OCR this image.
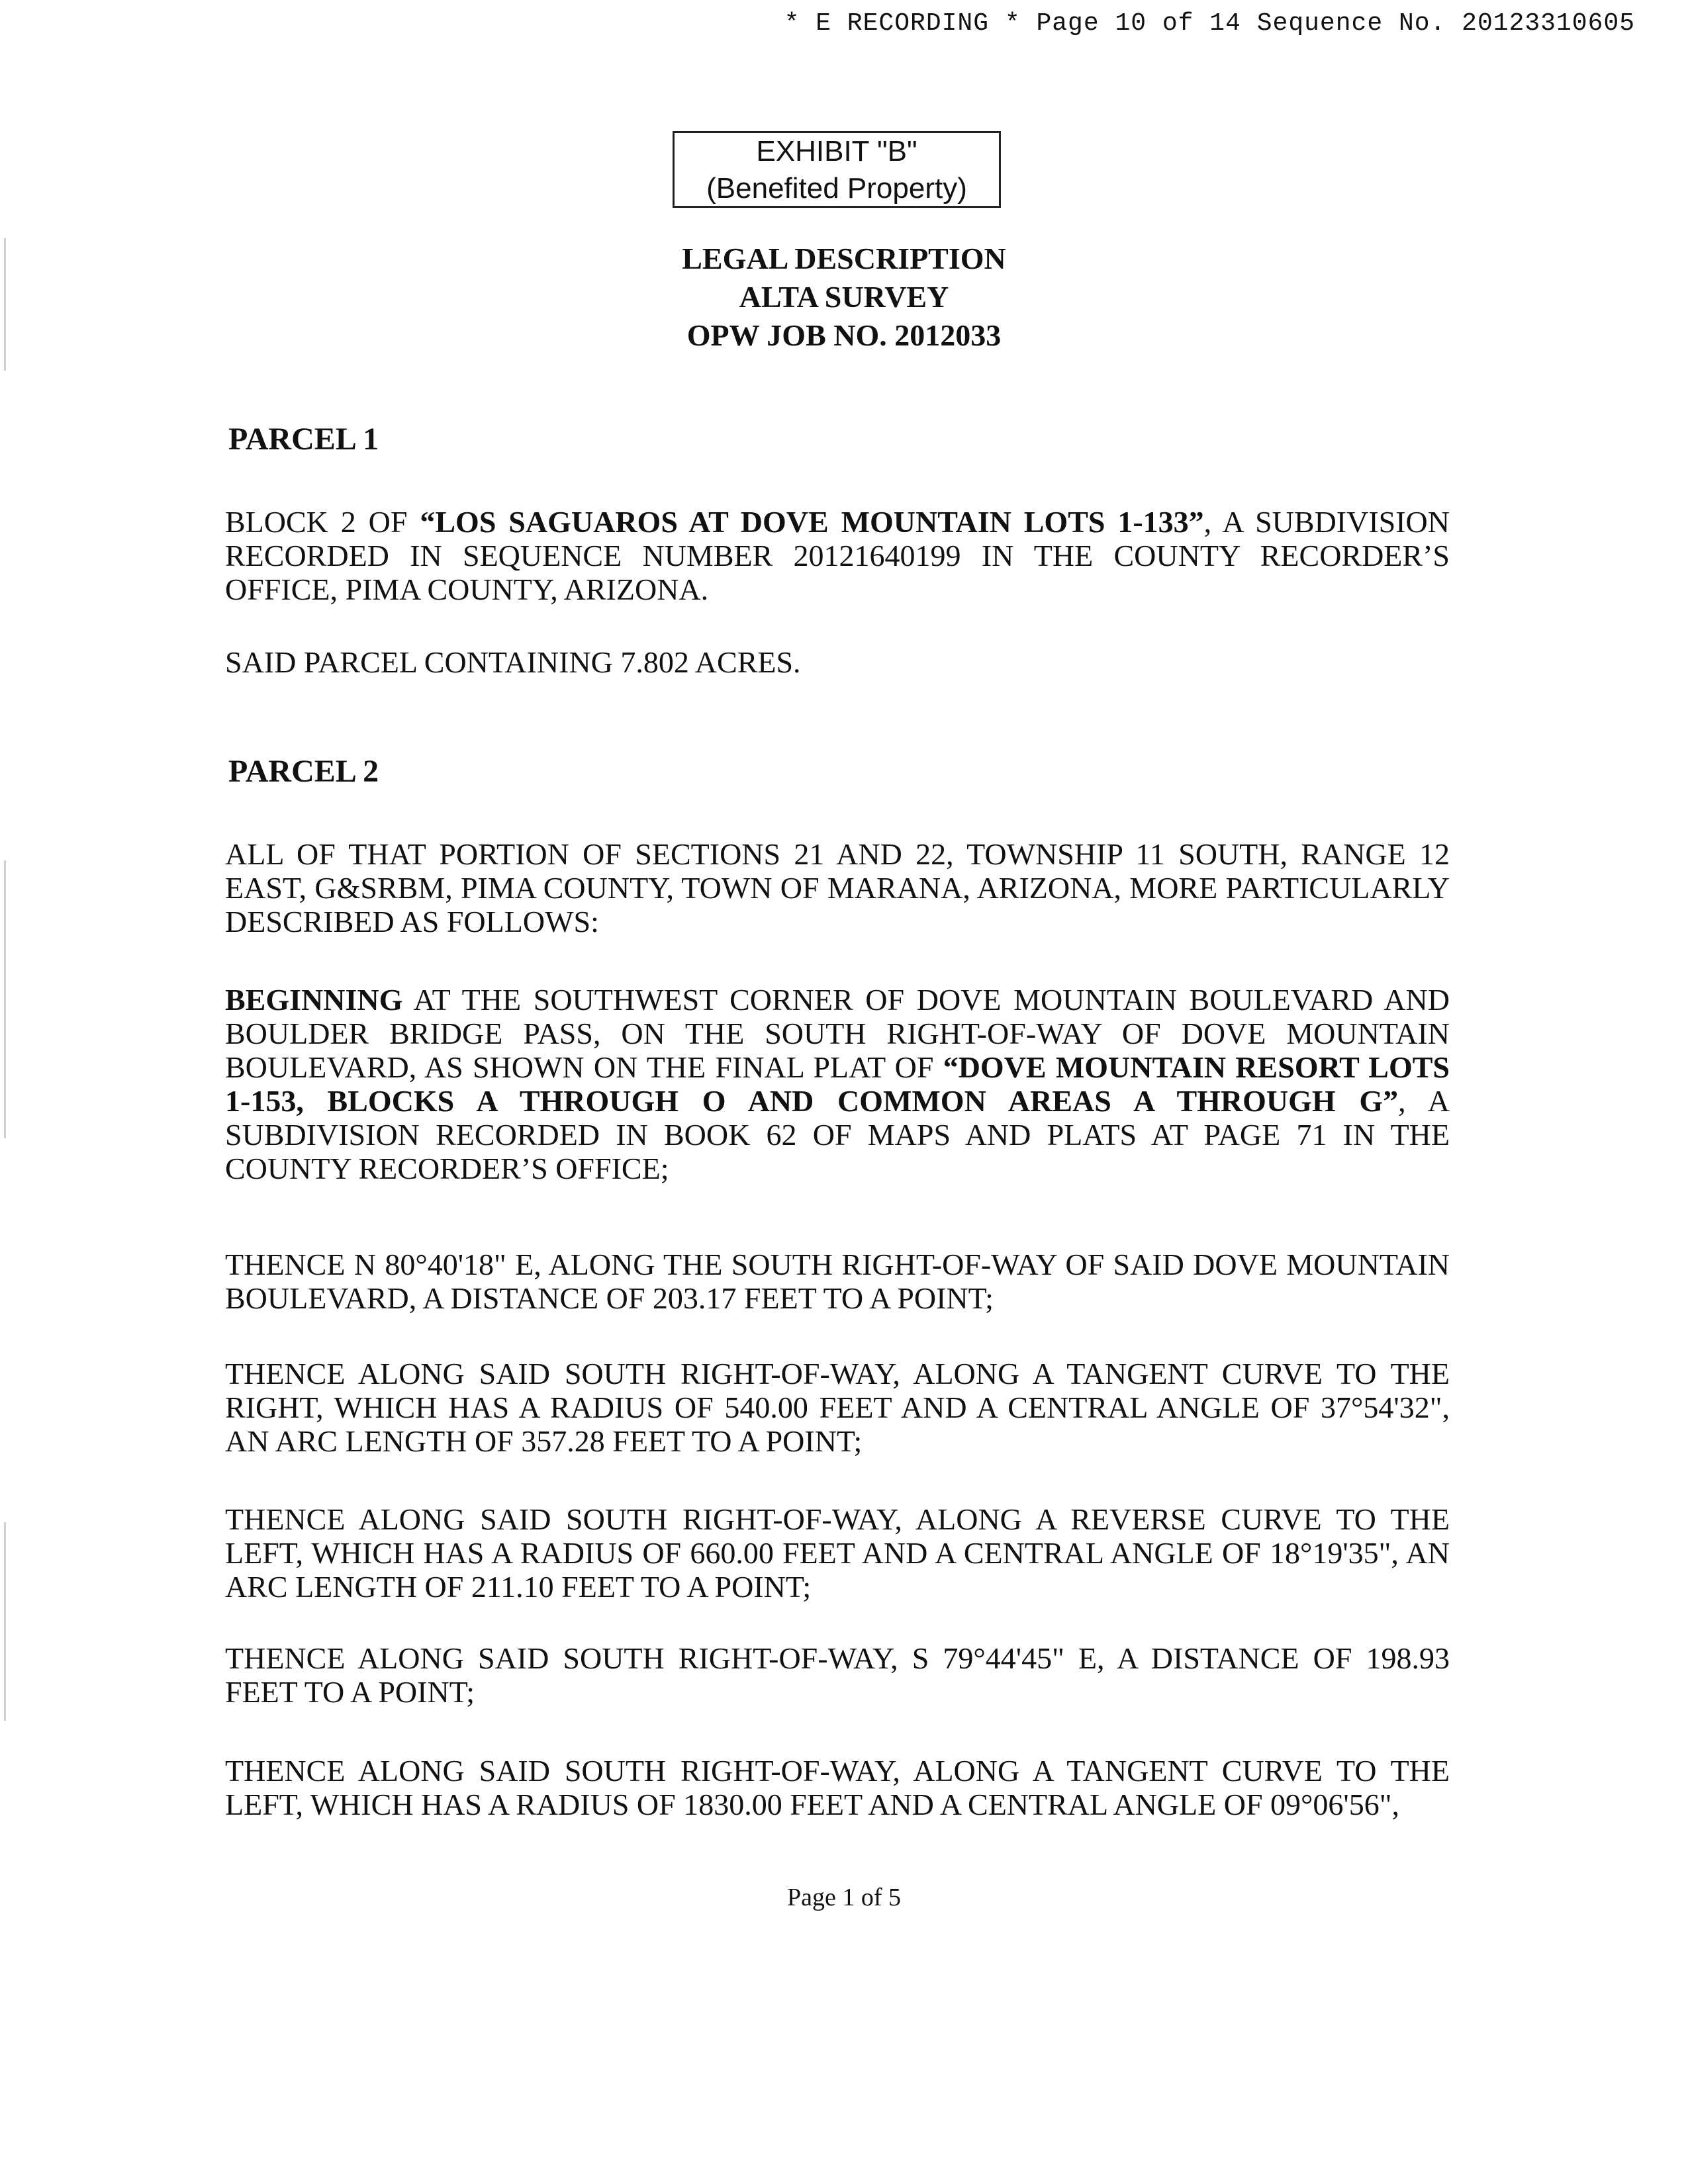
* E RECORDING * Page 10 of 14 Sequence No. 20123310605
EXHIBIT "B"
(Benefited Property)
LEGAL DESCRIPTION
ALTA SURVEY
OPW JOB NO. 2012033
PARCEL 1
BLOCK 2 OF “LOS SAGUAROS AT DOVE MOUNTAIN LOTS 1-133”, A SUBDIVISION RECORDED IN SEQUENCE NUMBER 20121640199 IN THE COUNTY RECORDER’S OFFICE, PIMA COUNTY, ARIZONA.
SAID PARCEL CONTAINING 7.802 ACRES.
PARCEL 2
ALL OF THAT PORTION OF SECTIONS 21 AND 22, TOWNSHIP 11 SOUTH, RANGE 12 EAST, G&SRBM, PIMA COUNTY, TOWN OF MARANA, ARIZONA, MORE PARTICULARLY DESCRIBED AS FOLLOWS:
BEGINNING AT THE SOUTHWEST CORNER OF DOVE MOUNTAIN BOULEVARD AND BOULDER BRIDGE PASS, ON THE SOUTH RIGHT-OF-WAY OF DOVE MOUNTAIN BOULEVARD, AS SHOWN ON THE FINAL PLAT OF “DOVE MOUNTAIN RESORT LOTS 1-153, BLOCKS A THROUGH O AND COMMON AREAS A THROUGH G”, A SUBDIVISION RECORDED IN BOOK 62 OF MAPS AND PLATS AT PAGE 71 IN THE COUNTY RECORDER’S OFFICE;
THENCE N 80°40'18" E, ALONG THE SOUTH RIGHT-OF-WAY OF SAID DOVE MOUNTAIN BOULEVARD, A DISTANCE OF 203.17 FEET TO A POINT;
THENCE ALONG SAID SOUTH RIGHT-OF-WAY, ALONG A TANGENT CURVE TO THE RIGHT, WHICH HAS A RADIUS OF 540.00 FEET AND A CENTRAL ANGLE OF 37°54'32", AN ARC LENGTH OF 357.28 FEET TO A POINT;
THENCE ALONG SAID SOUTH RIGHT-OF-WAY, ALONG A REVERSE CURVE TO THE LEFT, WHICH HAS A RADIUS OF 660.00 FEET AND A CENTRAL ANGLE OF 18°19'35", AN ARC LENGTH OF 211.10 FEET TO A POINT;
THENCE ALONG SAID SOUTH RIGHT-OF-WAY, S 79°44'45" E, A DISTANCE OF 198.93 FEET TO A POINT;
THENCE ALONG SAID SOUTH RIGHT-OF-WAY, ALONG A TANGENT CURVE TO THE LEFT, WHICH HAS A RADIUS OF 1830.00 FEET AND A CENTRAL ANGLE OF 09°06'56",
Page 1 of 5
